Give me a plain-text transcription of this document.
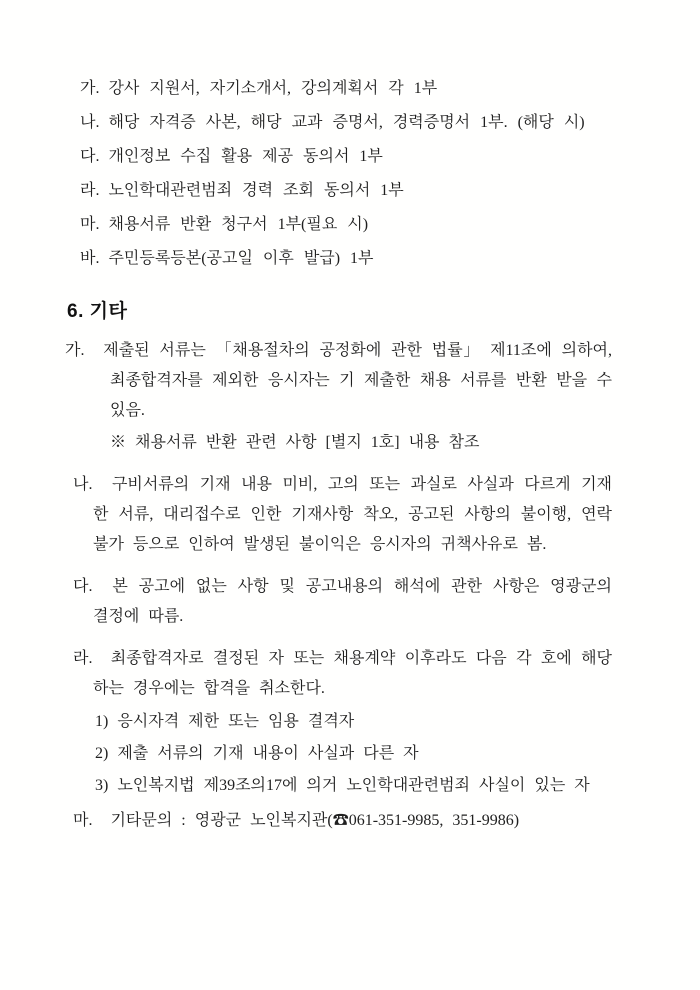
가. 강사 지원서, 자기소개서, 강의계획서 각 1부
나. 해당 자격증 사본, 해당 교과 증명서, 경력증명서 1부. (해당 시)
다. 개인정보 수집 활용 제공 동의서 1부
라. 노인학대관련범죄 경력 조회 동의서 1부
마. 채용서류 반환 청구서 1부(필요 시)
바. 주민등록등본(공고일 이후 발급) 1부
6. 기타

가. 제출된 서류는 「채용절차의 공정화에 관한 법률」 제11조에 의하여, 최종합격자를 제외한 응시자는 기 제출한 채용 서류를 반환 받을 수 있음.

※ 채용서류 반환 관련 사항 [별지 1호] 내용 참조

나. 구비서류의 기재 내용 미비, 고의 또는 과실로 사실과 다르게 기재 한 서류, 대리접수로 인한 기재사항 착오, 공고된 사항의 불이행, 연락불가 등으로 인하여 발생된 불이익은 응시자의 귀책사유로 봄.

다. 본 공고에 없는 사항 및 공고내용의 해석에 관한 사항은 영광군의 결정에 따름.

라. 최종합격자로 결정된 자 또는 채용계약 이후라도 다음 각 호에 해당 하는 경우에는 합격을 취소한다.

1) 응시자격 제한 또는 임용 결격자

2) 제출 서류의 기재 내용이 사실과 다른 자

3) 노인복지법 제39조의17에 의거 노인학대관련범죄 사실이 있는 자

마. 기타문의 : 영광군 노인복지관(☎061-351-9985, 351-9986)
